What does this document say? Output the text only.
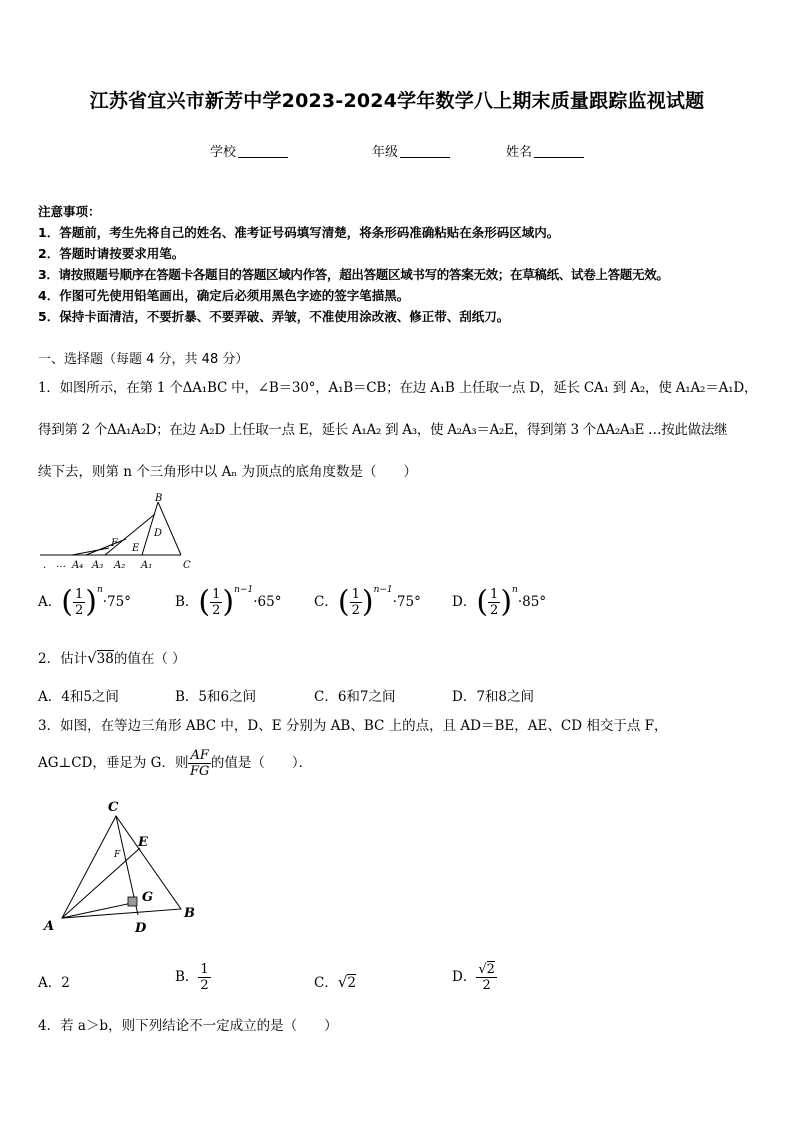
江苏省宜兴市新芳中学2023-2024学年数学八上期末质量跟踪监视试题
学校	年级	姓名
注意事项：
1．答题前，考生先将自己的姓名、准考证号码填写清楚，将条形码准确粘贴在条形码区域内。
2．答题时请按要求用笔。
3．请按照题号顺序在答题卡各题目的答题区域内作答，超出答题区域书写的答案无效；在草稿纸、试卷上答题无效。
4．作图可先使用铅笔画出，确定后必须用黑色字迹的签字笔描黑。
5．保持卡面清洁，不要折暴、不要弄破、弄皱，不准使用涂改液、修正带、刮纸刀。
一、选择题（每题 4 分，共 48 分）
1．如图所示，在第 1 个ΔA₁BC 中，∠B＝30°，A₁B＝CB；在边 A₁B 上任取一点 D，延长 CA₁ 到 A₂，使 A₁A₂＝A₁D，
得到第 2 个ΔA₁A₂D；在边 A₂D 上任取一点 E，延长 A₁A₂ 到 A₃，使 A₂A₃＝A₂E，得到第 3 个ΔA₂A₃E …按此做法继
续下去，则第 n 个三角形中以 Aₙ 为顶点的底角度数是（　　）
B
D
F E
. … A₄ A₃ A₂ A₁	C
A．( $\frac{1}{2} )^n\cdot 75^\circ$	B．( $\frac{1}{2} )^{n-1}\cdot 65^\circ$ C．( $\frac{1}{2} )^{n-1}\cdot 75^\circ$ D．( $\frac{1}{2} )^n\cdot 85^\circ$
2．估计√38的值在（ ）
A．4和5之间	B．5和6之间	C．6和7之间	D．7和8之间
3．如图，在等边三角形 ABC 中，D、E 分别为 AB、BC 上的点，且 AD＝BE，AE、CD 相交于点 F，
AG⊥CD，垂足为 G．则 $\frac{AF}{FG}$ 的值是（　　）．
C
E
G
A	D
B
F
A．2	B． $\frac{1}{2}$	C．√2	D． $\frac{√2}{2}$
4．若 a＞b，则下列结论不一定成立的是（　　）
